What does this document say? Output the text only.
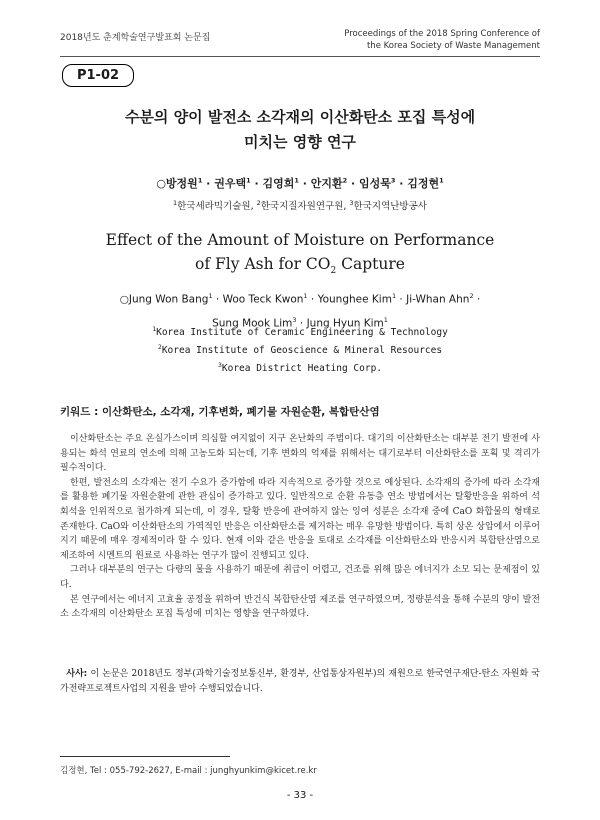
2018년도 춘계학술연구발표회 논문집	Proceedings of the 2018 Spring Conference of
the Korea Society of Waste Management
P1-02
수분의 양이 발전소 소각재의 이산화탄소 포집 특성에
미치는 영향 연구
○방정원$^1$ · 권우택$^1$ · 김영희$^1$ · 안지환$^2$ · 임성묵$^3$ · 김정현$^1$
$^1$한국세라믹기술원, $^2$한국지질자원연구원, $^3$한국지역난방공사
Effect of the Amount of Moisture on Performance
of Fly Ash for $CO_2$ Capture
○Jung Won Bang$^1$ · Woo Teck Kwon$^1$ · Younghee Kim$^1$ · Ji-Whan Ahn$^2$ ·
Sung Mook Lim$^3$ · Jung Hyun Kim$^1$
$^1$Korea Institute of Ceramic Engineering & Technology
$^2$Korea Institute of Geoscience & Mineral Resources
$^3$Korea District Heating Corp.
키워드 : 이산화탄소, 소각재, 기후변화, 폐기물 자원순환, 복합탄산염

이산화탄소는 주요 온실가스이며 의심할 여지없이 지구 온난화의 주범이다. 대기의 이산화탄소는 대부분 전기 발전에 사용되는 화석 연료의 연소에 의해 고농도화 되는데, 기후 변화의 억제를 위해서는 대기로부터 이산화탄소를 포획 및 격리가 필수적이다.

한편, 발전소의 소각재는 전기 수요가 증가함에 따라 지속적으로 증가할 것으로 예상된다. 소각재의 증가에 따라 소각재를 활용한 폐기물 자원순환에 관한 관심이 증가하고 있다. 일반적으로 순환 유동층 연소 방법에서는 탈황반응을 위하여 석회석을 인위적으로 첨가하게 되는데, 이 경우, 탈황 반응에 관여하지 않는 잉여 성분은 소각재 중에 CaO 화합물의 형태로 존재한다. CaO와 이산화탄소의 가역적인 반응은 이산화탄소를 제거하는 매우 유망한 방법이다. 특히 상온 상압에서 이루어지기 때문에 매우 경제적이라 할 수 있다. 현재 이와 같은 반응을 토대로 소각재를 이산화탄소와 반응시켜 복합탄산염으로 제조하여 시멘트의 원료로 사용하는 연구가 많이 진행되고 있다.

그러나 대부분의 연구는 다량의 물을 사용하기 때문에 취급이 어렵고, 건조를 위해 많은 에너지가 소모 되는 문제점이 있다.

본 연구에서는 에너지 고효율 공정을 위하여 반건식 복합탄산염 제조를 연구하였으며, 정량분석을 통해 수분의 양이 발전소 소각재의 이산화탄소 포집 특성에 미치는 영향을 연구하였다.

사사: 이 논문은 2018년도 정부(과학기술정보통신부, 환경부, 산업통상자원부)의 재원으로 한국연구재단-탄소 자원화 국가전략프로젝트사업의 지원을 받아 수행되었습니다.
김정현, Tel : 055-792-2627, E-mail : junghyunkim@kicet.re.kr
- 33 -
